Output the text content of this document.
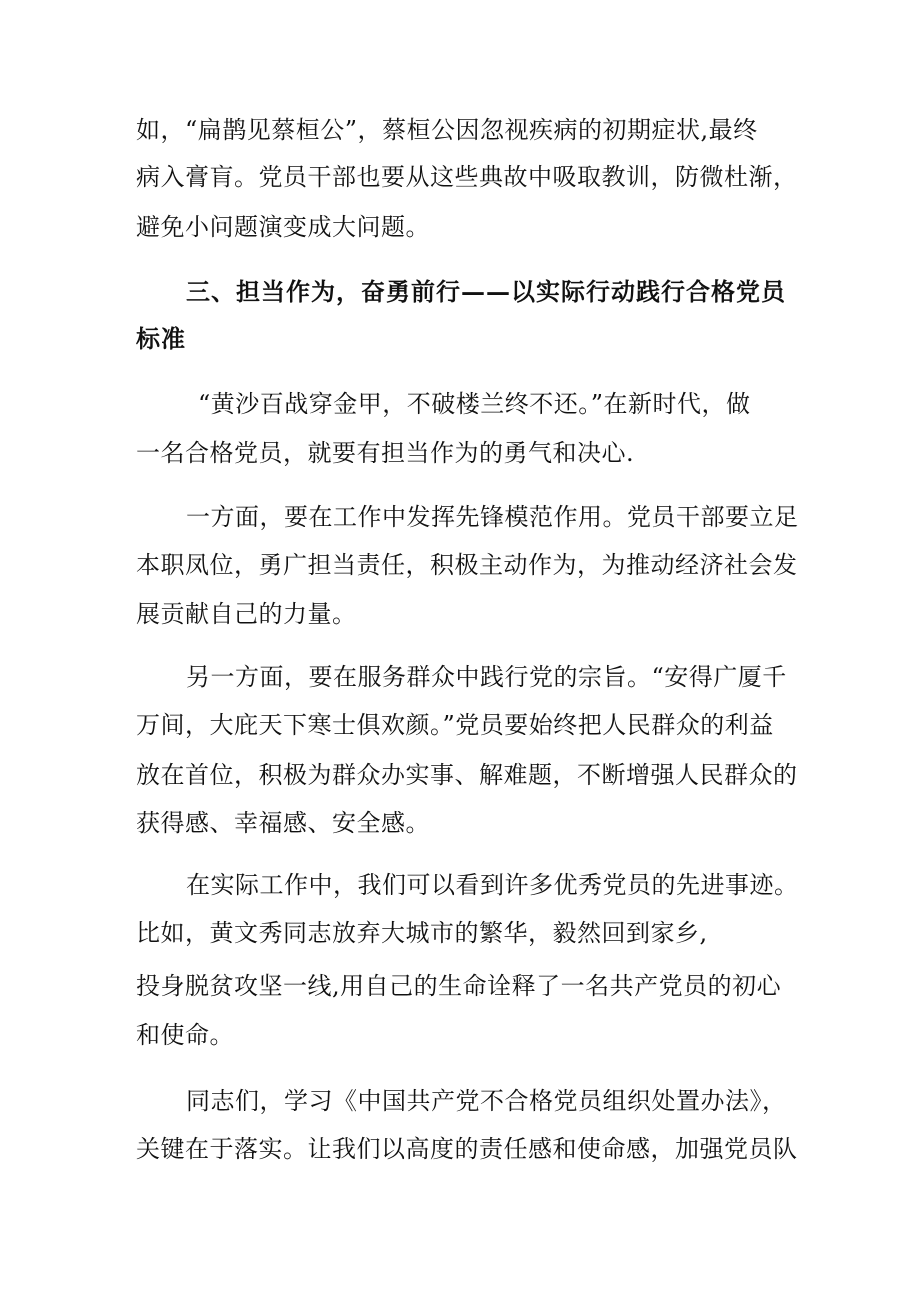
如，“扁鹊见蔡桓公”，蔡桓公因忽视疾病的初期症状,最终
病入膏肓。党员干部也要从这些典故中吸取教训，防微杜渐，
避免小问题演变成大问题。
三、担当作为，奋勇前行——以实际行动践行合格党员
标准
“黄沙百战穿金甲，不破楼兰终不还。”在新时代，做
一名合格党员，就要有担当作为的勇气和决心.
一方面，要在工作中发挥先锋模范作用。党员干部要立足
本职凤位，勇广担当责任，积极主动作为，为推动经济社会发
展贡献自己的力量。
另一方面，要在服务群众中践行党的宗旨。“安得广厦千
万间，大庇天下寒士俱欢颜。”党员要始终把人民群众的利益
放在首位，积极为群众办实事、解难题，不断增强人民群众的
获得感、幸福感、安全感。
在实际工作中，我们可以看到许多优秀党员的先进事迹。
比如，黄文秀同志放弃大城市的繁华，毅然回到家乡,
投身脱贫攻坚一线,用自己的生命诠释了一名共产党员的初心
和使命。
同志们，学习《中国共产党不合格党员组织处置办法》，
关键在于落实。让我们以高度的责任感和使命感，加强党员队
